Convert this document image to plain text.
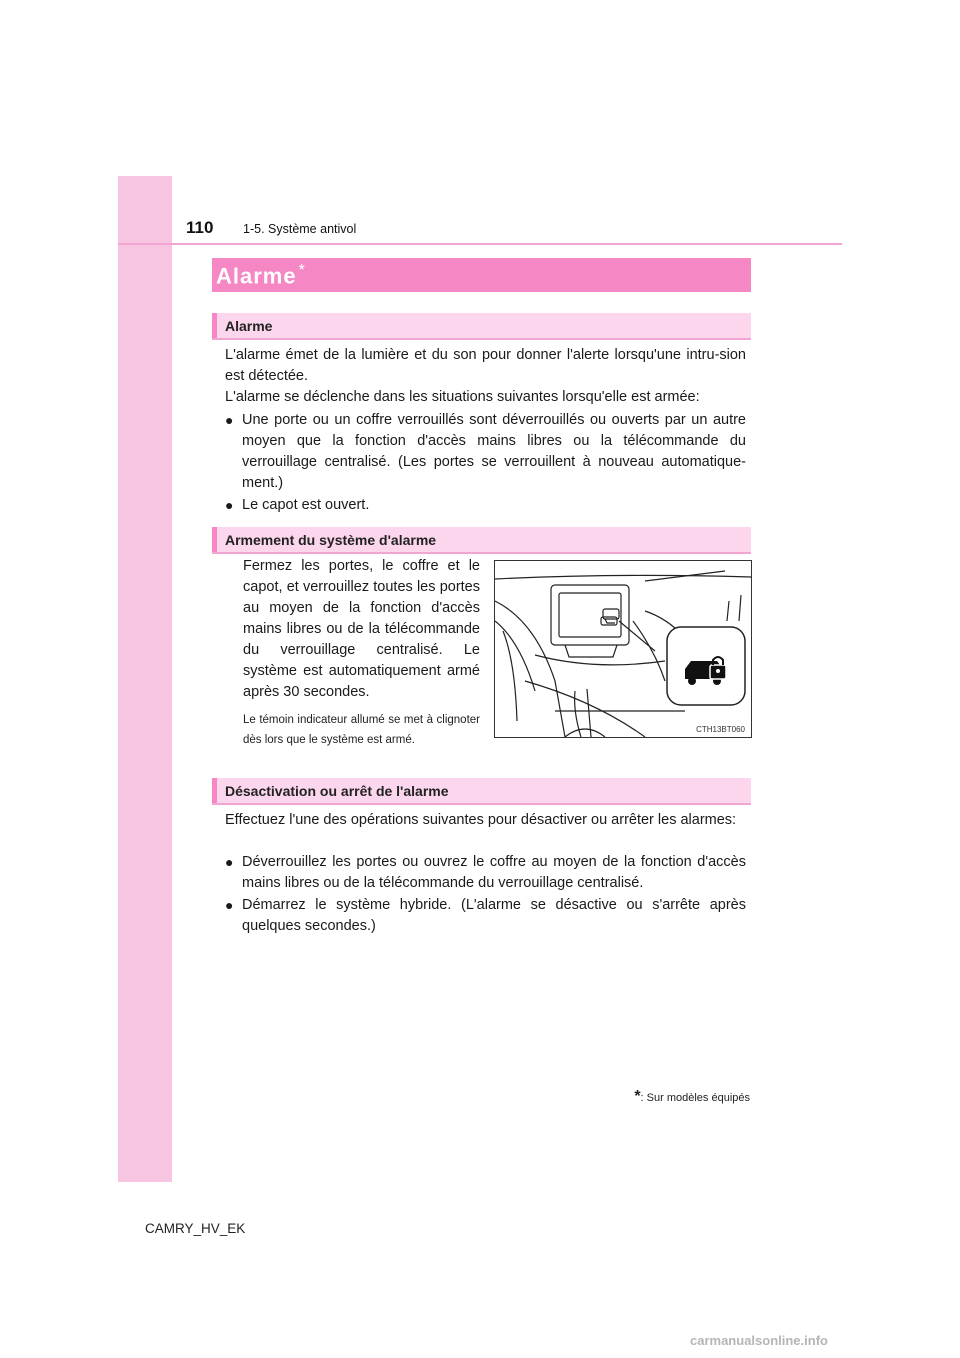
110 1-5. Système antivol
Alarme *
Alarme
L'alarme émet de la lumière et du son pour donner l'alerte lorsqu'une intru-sion est détectée.
L'alarme se déclenche dans les situations suivantes lorsqu'elle est armée:
● Une porte ou un coffre verrouillés sont déverrouillés ou ouverts par un autre moyen que la fonction d'accès mains libres ou la télécommande du verrouillage centralisé. (Les portes se verrouillent à nouveau automatique-ment.)
● Le capot est ouvert.
Armement du système d'alarme
Fermez les portes, le coffre et le capot, et verrouillez toutes les portes au moyen de la fonction d'accès mains libres ou de la télécommande du verrouillage centralisé. Le système est automatiquement armé après 30 secondes.
Le témoin indicateur allumé se met à clignoter dès lors que le système est armé.
CTH13BT060
Désactivation ou arrêt de l'alarme
Effectuez l'une des opérations suivantes pour désactiver ou arrêter les alarmes:
● Déverrouillez les portes ou ouvrez le coffre au moyen de la fonction d'accès mains libres ou de la télécommande du verrouillage centralisé.
● Démarrez le système hybride. (L'alarme se désactive ou s'arrête après quelques secondes.)
*: Sur modèles équipés
CAMRY_HV_EK
carmanualsonline.info
